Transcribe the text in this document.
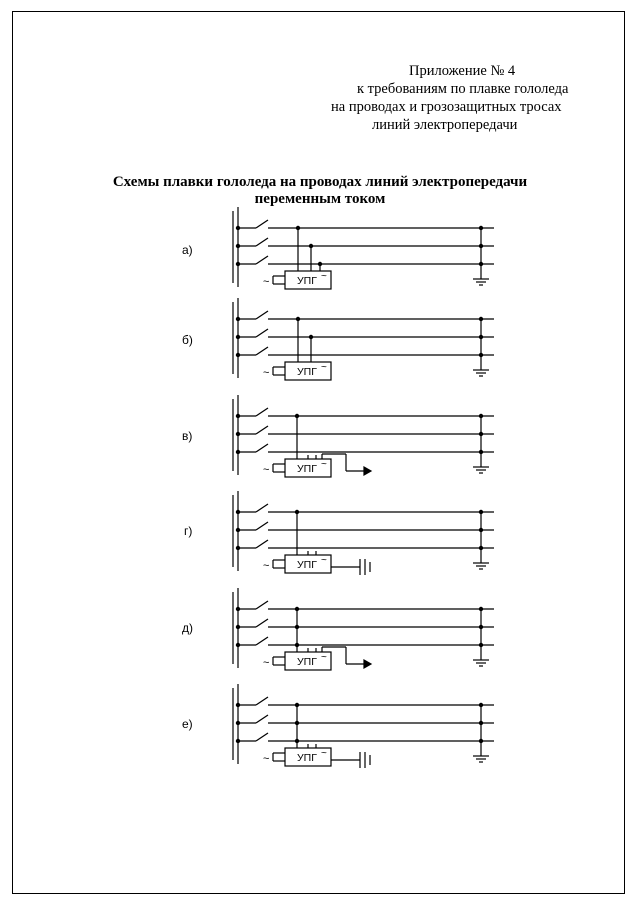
Приложение № 4
к требованиям по плавке гололеда
на проводах и грозозащитных тросах
линий электропередачи
Схемы плавки гололеда на проводах линий электропередачи
переменным током
а)
б)
в)
г)
д)
е)
УПГ ~
~
УПГ ~
~
УПГ ~
~
УПГ ~
~
УПГ ~
~
УПГ ~
~
